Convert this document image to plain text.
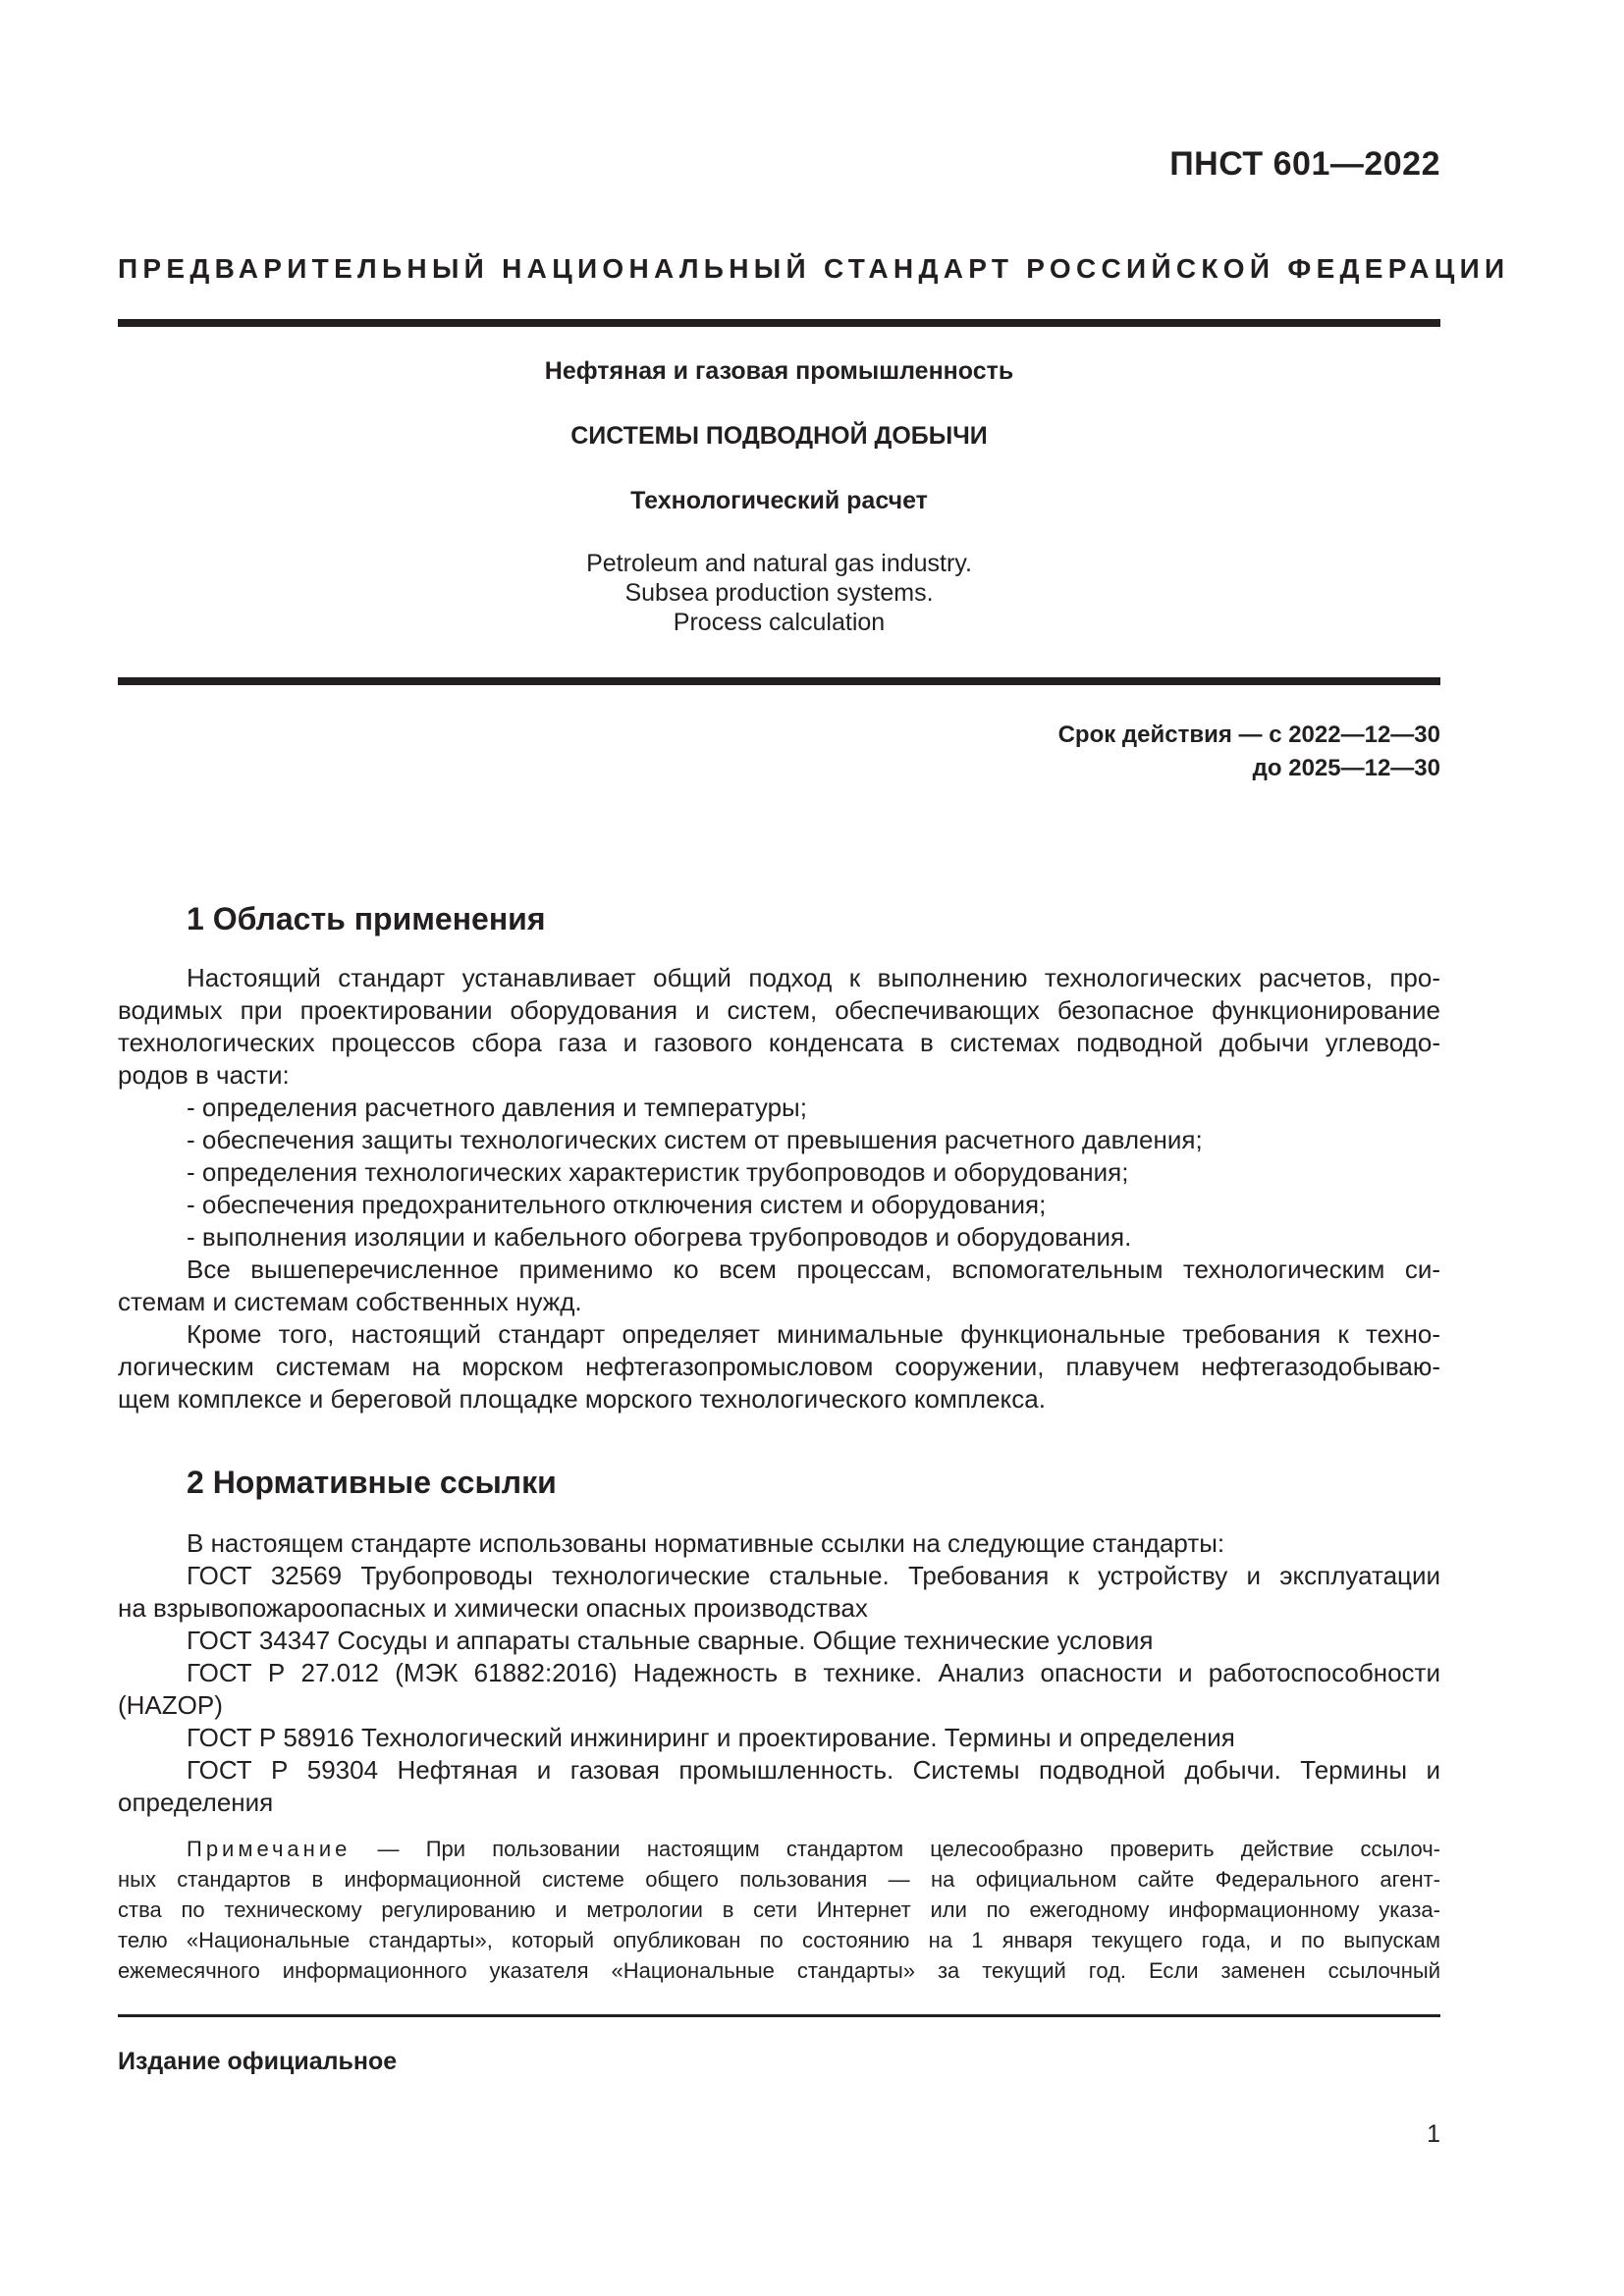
ПНСТ 601—2022
ПРЕДВАРИТЕЛЬНЫЙ НАЦИОНАЛЬНЫЙ СТАНДАРТ РОССИЙСКОЙ ФЕДЕРАЦИИ
Нефтяная и газовая промышленность
СИСТЕМЫ ПОДВОДНОЙ ДОБЫЧИ
Технологический расчет
Petroleum and natural gas industry.
Subsea production systems.
Process calculation
Срок действия — с 2022—12—30
до 2025—12—30
1 Область применения

Настоящий стандарт устанавливает общий подход к выполнению технологических расчетов, про-

водимых при проектировании оборудования и систем, обеспечивающих безопасное функционирование

технологических процессов сбора газа и газового конденсата в системах подводной добычи углеводо-

родов в части:

- определения расчетного давления и температуры;

- обеспечения защиты технологических систем от превышения расчетного давления;

- определения технологических характеристик трубопроводов и оборудования;

- обеспечения предохранительного отключения систем и оборудования;

- выполнения изоляции и кабельного обогрева трубопроводов и оборудования.

Все вышеперечисленное применимо ко всем процессам, вспомогательным технологическим си-

стемам и системам собственных нужд.

Кроме того, настоящий стандарт определяет минимальные функциональные требования к техно-

логическим системам на морском нефтегазопромысловом сооружении, плавучем нефтегазодобываю-

щем комплексе и береговой площадке морского технологического комплекса.

2 Нормативные ссылки

В настоящем стандарте использованы нормативные ссылки на следующие стандарты:

ГОСТ 32569 Трубопроводы технологические стальные. Требования к устройству и эксплуатации

на взрывопожароопасных и химически опасных производствах

ГОСТ 34347 Сосуды и аппараты стальные сварные. Общие технические условия

ГОСТ Р 27.012 (МЭК 61882:2016) Надежность в технике. Анализ опасности и работоспособности

(HAZOP)

ГОСТ Р 58916 Технологический инжиниринг и проектирование. Термины и определения

ГОСТ Р 59304 Нефтяная и газовая промышленность. Системы подводной добычи. Термины и

определения

Примечание — При пользовании настоящим стандартом целесообразно проверить действие ссылоч-

ных стандартов в информационной системе общего пользования — на официальном сайте Федерального агент-

ства по техническому регулированию и метрологии в сети Интернет или по ежегодному информационному указа-

телю «Национальные стандарты», который опубликован по состоянию на 1 января текущего года, и по выпускам

ежемесячного информационного указателя «Национальные стандарты» за текущий год. Если заменен ссылочный

Издание официальное
1
